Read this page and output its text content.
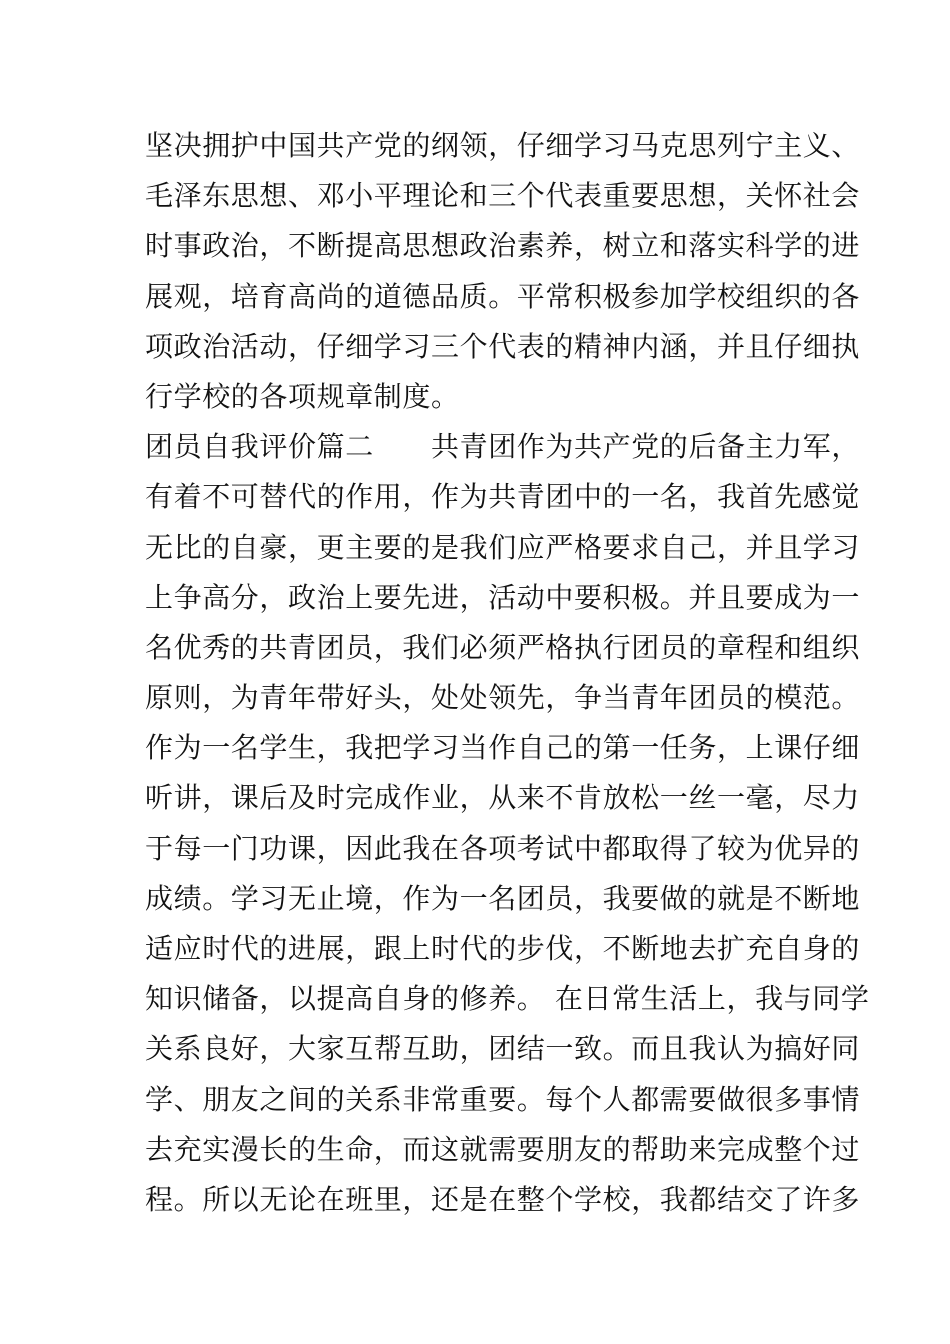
坚决拥护中国共产党的纲领，仔细学习马克思列宁主义、
毛泽东思想、邓小平理论和三个代表重要思想，关怀社会
时事政治，不断提高思想政治素养，树立和落实科学的进
展观，培育高尚的道德品质。平常积极参加学校组织的各
项政治活动，仔细学习三个代表的精神内涵，并且仔细执
行学校的各项规章制度。
团员自我评价篇二　　共青团作为共产党的后备主力军，
有着不可替代的作用，作为共青团中的一名，我首先感觉
无比的自豪，更主要的是我们应严格要求自己，并且学习
上争高分，政治上要先进，活动中要积极。并且要成为一
名优秀的共青团员，我们必须严格执行团员的章程和组织
原则，为青年带好头，处处领先，争当青年团员的模范。
作为一名学生，我把学习当作自己的第一任务，上课仔细
听讲，课后及时完成作业，从来不肯放松一丝一毫，尽力
于每一门功课，因此我在各项考试中都取得了较为优异的
成绩。学习无止境，作为一名团员，我要做的就是不断地
适应时代的进展，跟上时代的步伐，不断地去扩充自身的
知识储备，以提高自身的修养。 在日常生活上，我与同学
关系良好，大家互帮互助，团结一致。而且我认为搞好同
学、朋友之间的关系非常重要。每个人都需要做很多事情
去充实漫长的生命，而这就需要朋友的帮助来完成整个过
程。所以无论在班里，还是在整个学校，我都结交了许多
